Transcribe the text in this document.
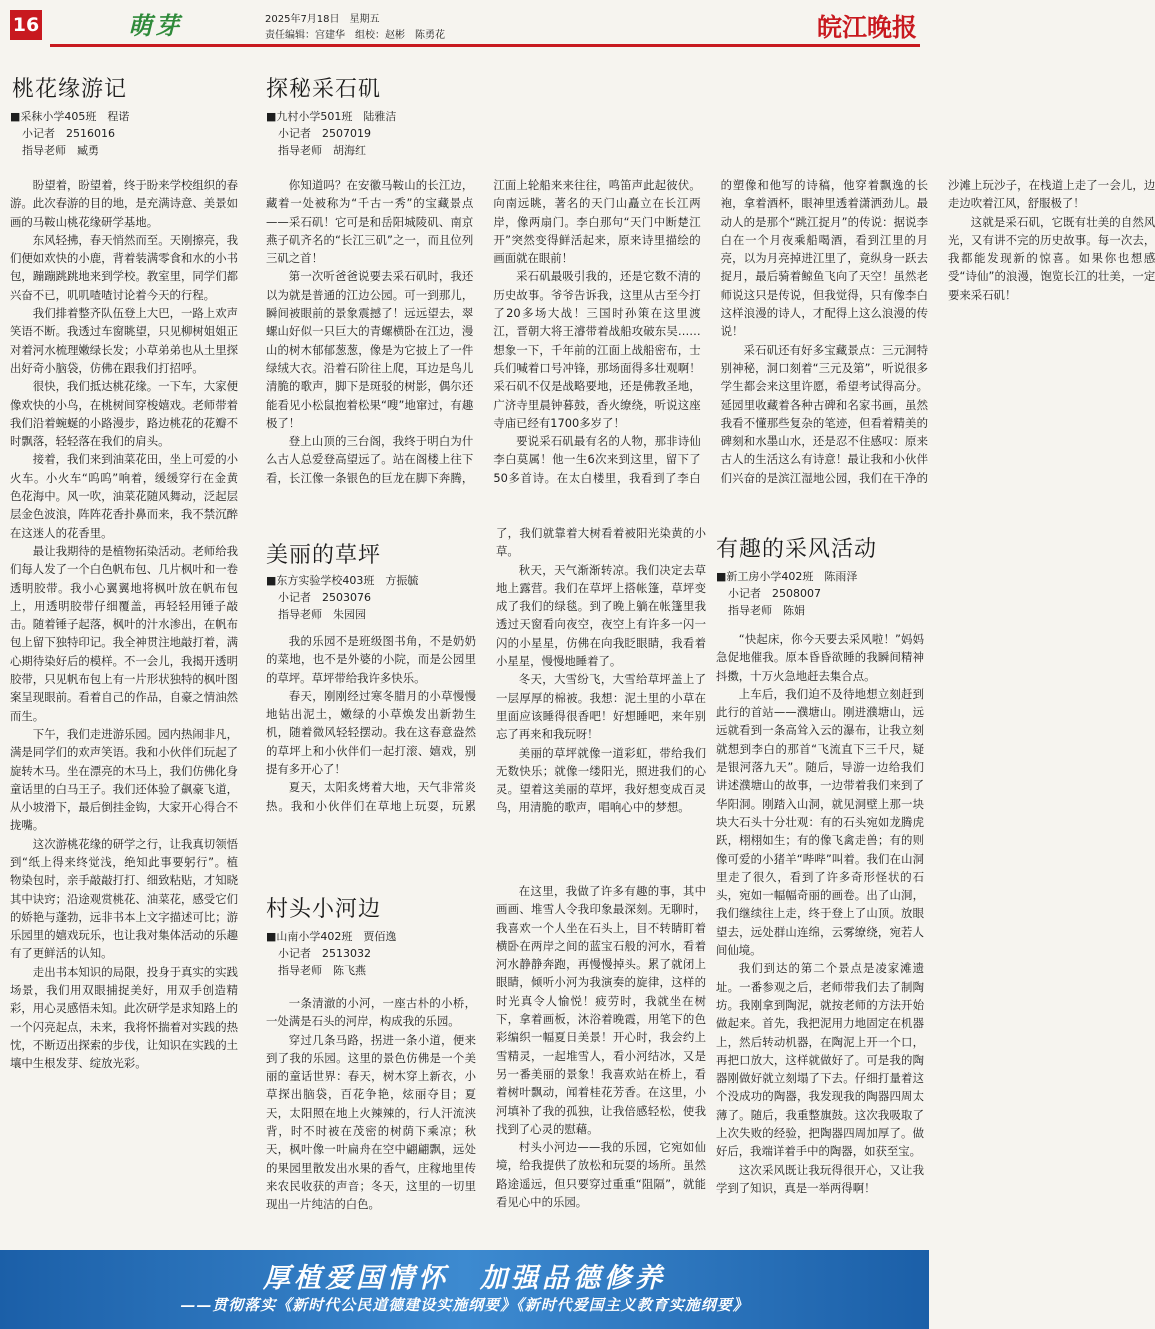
16	萌芽	2025年7月18日　星期五
责任编辑：宫建华　组校：赵彬　陈勇花	皖江晚报
桃花缘游记
■采秣小学405班　程诺
小记者　2516016
指导老师　臧勇

盼望着，盼望着，终于盼来学校组织的春游。此次春游的目的地，是充满诗意、美景如画的马鞍山桃花缘研学基地。

东风轻拂，春天悄然而至。天刚擦亮，我们便如欢快的小鹿，背着装满零食和水的小书包，蹦蹦跳跳地来到学校。教室里，同学们都兴奋不已，叽叽喳喳讨论着今天的行程。

我们排着整齐队伍登上大巴，一路上欢声笑语不断。我透过车窗眺望，只见柳树姐姐正对着河水梳理嫩绿长发；小草弟弟也从土里探出好奇小脑袋，仿佛在跟我们打招呼。

很快，我们抵达桃花缘。一下车，大家便像欢快的小鸟，在桃树间穿梭嬉戏。老师带着我们沿着蜿蜒的小路漫步，路边桃花的花瓣不时飘落，轻轻落在我们的肩头。

接着，我们来到油菜花田，坐上可爱的小火车。小火车“呜呜”响着，缓缓穿行在金黄色花海中。风一吹，油菜花随风舞动，泛起层层金色波浪，阵阵花香扑鼻而来，我不禁沉醉在这迷人的花香里。

最让我期待的是植物拓染活动。老师给我们每人发了一个白色帆布包、几片枫叶和一卷透明胶带。我小心翼翼地将枫叶放在帆布包上，用透明胶带仔细覆盖，再轻轻用锤子敲击。随着锤子起落，枫叶的汁水渗出，在帆布包上留下独特印记。我全神贯注地敲打着，满心期待染好后的模样。不一会儿，我揭开透明胶带，只见帆布包上有一片形状独特的枫叶图案呈现眼前。看着自己的作品，自豪之情油然而生。

下午，我们走进游乐园。园内热闹非凡，满是同学们的欢声笑语。我和小伙伴们玩起了旋转木马。坐在漂亮的木马上，我们仿佛化身童话里的白马王子。我们还体验了飙豪飞道，从小坡滑下，最后倒挂金钩，大家开心得合不拢嘴。

这次游桃花缘的研学之行，让我真切领悟到“纸上得来终觉浅，绝知此事要躬行”。植物染包时，亲手敲敲打打、细致粘贴，才知晓其中诀窍；沿途观赏桃花、油菜花，感受它们的娇艳与蓬勃，远非书本上文字描述可比；游乐园里的嬉戏玩乐，也让我对集体活动的乐趣有了更鲜活的认知。

走出书本知识的局限，投身于真实的实践场景，我们用双眼捕捉美好，用双手创造精彩，用心灵感悟未知。此次研学是求知路上的一个闪亮起点，未来，我将怀揣着对实践的热忱，不断迈出探索的步伐，让知识在实践的土壤中生根发芽、绽放光彩。

探秘采石矶
■九村小学501班　陆雅洁
小记者　2507019
指导老师　胡海红

你知道吗？在安徽马鞍山的长江边，藏着一处被称为“千古一秀”的宝藏景点——采石矶！它可是和岳阳城陵矶、南京燕子矶齐名的“长江三矶”之一，而且位列三矶之首！

第一次听爸爸说要去采石矶时，我还以为就是普通的江边公园。可一到那儿，瞬间被眼前的景象震撼了！远远望去，翠螺山好似一只巨大的青螺横卧在江边，漫山的树木郁郁葱葱，像是为它披上了一件绿绒大衣。沿着石阶往上爬，耳边是鸟儿清脆的歌声，脚下是斑驳的树影，偶尔还能看见小松鼠抱着松果“嗖”地窜过，有趣极了！

登上山顶的三台阁，我终于明白为什么古人总爱登高望远了。站在阁楼上往下看，长江像一条银色的巨龙在脚下奔腾，江面上轮船来来往往，鸣笛声此起彼伏。向南远眺，著名的天门山矗立在长江两岸，像两扇门。李白那句“天门中断楚江开”突然变得鲜活起来，原来诗里描绘的画面就在眼前！

采石矶最吸引我的，还是它数不清的历史故事。爷爷告诉我，这里从古至今打了20多场大战！三国时孙策在这里渡江，晋朝大将王濬带着战船攻破东吴……想象一下，千年前的江面上战船密布，士兵们喊着口号冲锋，那场面得多壮观啊！采石矶不仅是战略要地，还是佛教圣地，广济寺里晨钟暮鼓，香火缭绕，听说这座寺庙已经有1700多岁了！

要说采石矶最有名的人物，那非诗仙李白莫属！他一生6次来到这里，留下了50多首诗。在太白楼里，我看到了李白的塑像和他写的诗稿，他穿着飘逸的长袍，拿着酒杯，眼神里透着潇洒劲儿。最动人的是那个“跳江捉月”的传说：据说李白在一个月夜乘船喝酒，看到江里的月亮，以为月亮掉进江里了，竟纵身一跃去捉月，最后骑着鲸鱼飞向了天空！虽然老师说这只是传说，但我觉得，只有像李白这样浪漫的诗人，才配得上这么浪漫的传说！

采石矶还有好多宝藏景点：三元洞特别神秘，洞口刻着“三元及第”，听说很多学生都会来这里许愿，希望考试得高分。延园里收藏着各种古碑和名家书画，虽然我看不懂那些复杂的笔迹，但看着精美的碑刻和水墨山水，还是忍不住感叹：原来古人的生活这么有诗意！最让我和小伙伴们兴奋的是滨江湿地公园，我们在干净的沙滩上玩沙子，在栈道上走了一会儿，边走边吹着江风，舒服极了！

这就是采石矶，它既有壮美的自然风光，又有讲不完的历史故事。每一次去，我都能发现新的惊喜。如果你也想感受“诗仙”的浪漫，饱览长江的壮美，一定要来采石矶！

美丽的草坪
■东方实验学校403班　方振毓
小记者　2503076
指导老师　朱园园

我的乐园不是班级图书角，不是奶奶的菜地，也不是外婆的小院，而是公园里的草坪。草坪带给我许多快乐。

春天，刚刚经过寒冬腊月的小草慢慢地钻出泥土，嫩绿的小草焕发出新勃生机，随着微风轻轻摆动。我在这春意盎然的草坪上和小伙伴们一起打滚、嬉戏，别提有多开心了！

夏天，太阳炙烤着大地，天气非常炎热。我和小伙伴们在草地上玩耍，玩累了，我们就靠着大树看着被阳光染黄的小草。

秋天，天气渐渐转凉。我们决定去草地上露营。我们在草坪上搭帐篷，草坪变成了我们的绿毯。到了晚上躺在帐篷里我透过天窗看向夜空，夜空上有许多一闪一闪的小星星，仿佛在向我眨眼睛，我看着小星星，慢慢地睡着了。

冬天，大雪纷飞，大雪给草坪盖上了一层厚厚的棉被。我想：泥土里的小草在里面应该睡得很香吧！好想睡吧，来年别忘了再来和我玩呀！

美丽的草坪就像一道彩虹，带给我们无数快乐；就像一缕阳光，照进我们的心灵。望着这美丽的草坪，我好想变成百灵鸟，用清脆的歌声，唱响心中的梦想。

村头小河边
■山南小学402班　贾佰逸
小记者　2513032
指导老师　陈飞燕

一条清澈的小河，一座古朴的小桥，一处满是石头的河岸，构成我的乐园。

穿过几条马路，拐进一条小道，便来到了我的乐园。这里的景色仿佛是一个美丽的童话世界：春天，树木穿上新衣，小草探出脑袋，百花争艳，炫丽夺目；夏天，太阳照在地上火辣辣的，行人汗流浃背，时不时被在茂密的树荫下乘凉；秋天，枫叶像一叶扁舟在空中翩翩飘，远处的果园里散发出水果的香气，庄稼地里传来农民收获的声音；冬天，这里的一切里现出一片纯洁的白色。

在这里，我做了许多有趣的事，其中画画、堆雪人令我印象最深刻。无聊时，我喜欢一个人坐在石头上，目不转睛盯着横卧在两岸之间的蓝宝石般的河水，看着河水静静奔跑，再慢慢掉头。累了就闭上眼睛，倾听小河为我演奏的旋律，这样的时光真令人愉悦！疲劳时，我就坐在树下，拿着画板，沐浴着晚霞，用笔下的色彩编织一幅夏日美景！开心时，我会约上雪精灵，一起堆雪人，看小河结冰，又是另一番美丽的景象！我喜欢站在桥上，看着树叶飘动，闻着桂花芳香。在这里，小河填补了我的孤独，让我倍感轻松，使我找到了心灵的慰藉。

村头小河边——我的乐园，它宛如仙境，给我提供了放松和玩耍的场所。虽然路途遥远，但只要穿过重重“阻隔”，就能看见心中的乐园。

有趣的采风活动
■新工房小学402班　陈雨泽
小记者　2508007
指导老师　陈娟

“快起床，你今天要去采风啦！”妈妈急促地催我。原本昏昏欲睡的我瞬间精神抖擞，十万火急地赶去集合点。

上车后，我们迫不及待地想立刻赶到此行的首站——濮塘山。刚进濮塘山，远远就看到一条高耸入云的瀑布，让我立刻就想到李白的那首“飞流直下三千尺，疑是银河落九天”。随后，导游一边给我们讲述濮塘山的故事，一边带着我们来到了华阳洞。刚踏入山洞，就见洞壁上那一块块大石头十分壮观：有的石头宛如龙腾虎跃，栩栩如生；有的像飞禽走兽；有的则像可爱的小猪羊“哔哔”叫着。我们在山洞里走了很久，看到了许多奇形怪状的石头，宛如一幅幅奇丽的画卷。出了山洞，我们继续往上走，终于登上了山顶。放眼望去，远处群山连绵，云雾缭绕，宛若人间仙境。

我们到达的第二个景点是凌家滩遗址。一番参观之后，老师带我们去了制陶坊。我刚拿到陶泥，就按老师的方法开始做起来。首先，我把泥用力地固定在机器上，然后转动机器，在陶泥上开一个口，再把口放大，这样就做好了。可是我的陶器刚做好就立刻塌了下去。仔细打量着这个没成功的陶器，我发现我的陶器四周太薄了。随后，我重整旗鼓。这次我吸取了上次失败的经验，把陶器四周加厚了。做好后，我端详着手中的陶器，如获至宝。

这次采风既让我玩得很开心，又让我学到了知识，真是一举两得啊！

厚植爱国情怀　加强品德修养
——贯彻落实《新时代公民道德建设实施纲要》《新时代爱国主义教育实施纲要》
